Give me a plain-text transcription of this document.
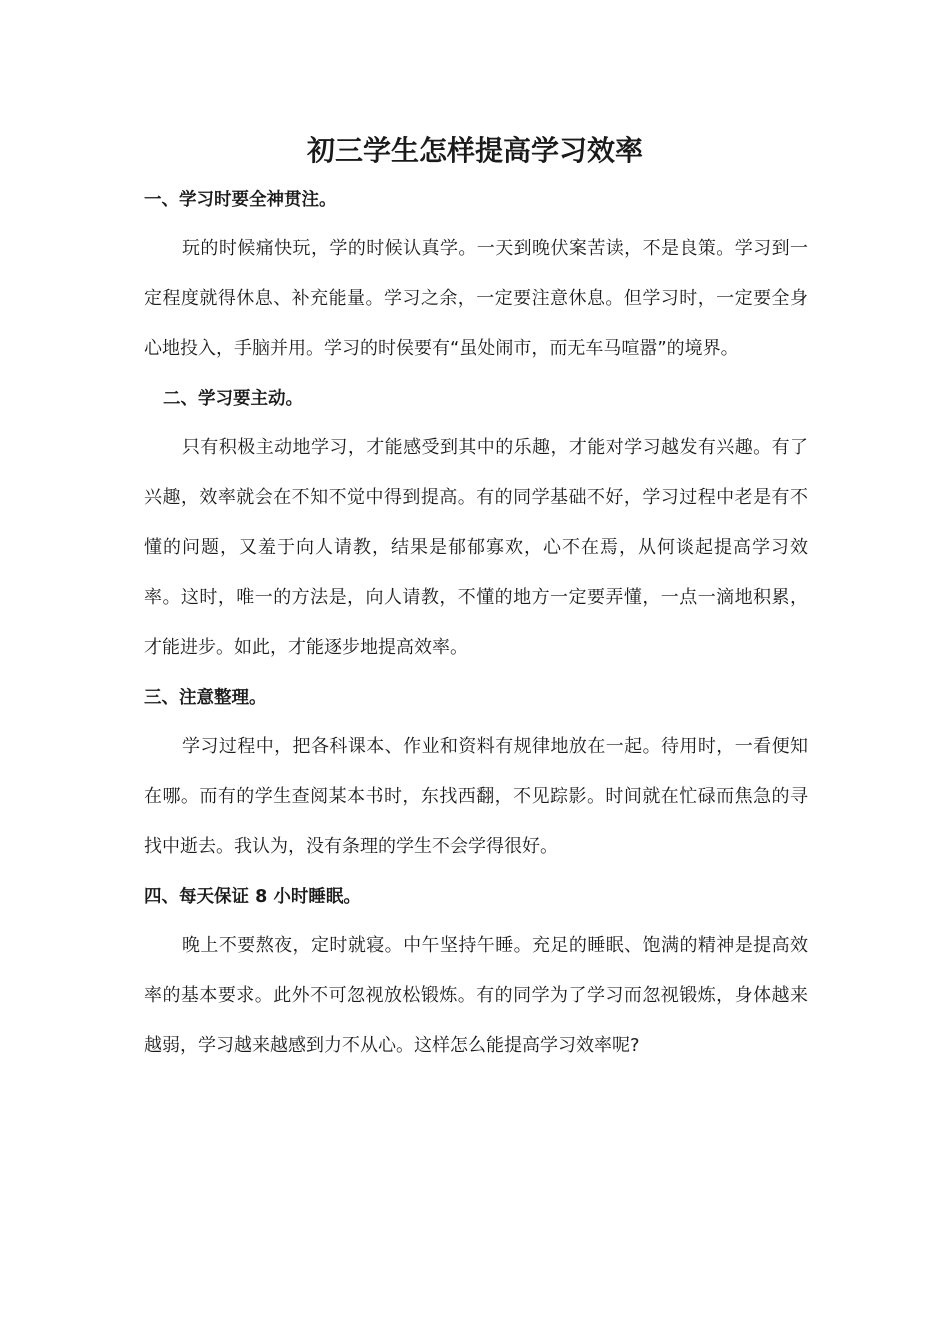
初三学生怎样提高学习效率
一、学习时要全神贯注。

玩的时候痛快玩，学的时候认真学。一天到晚伏案苦读，不是良策。学习到一定程度就得休息、补充能量。学习之余，一定要注意休息。但学习时，一定要全身心地投入，手脑并用。学习的时侯要有“虽处闹市，而无车马喧嚣”的境界。

二、学习要主动。

只有积极主动地学习，才能感受到其中的乐趣，才能对学习越发有兴趣。有了兴趣，效率就会在不知不觉中得到提高。有的同学基础不好，学习过程中老是有不懂的问题，又羞于向人请教，结果是郁郁寡欢，心不在焉，从何谈起提高学习效率。这时，唯一的方法是，向人请教，不懂的地方一定要弄懂，一点一滴地积累，才能进步。如此，才能逐步地提高效率。

三、注意整理。

学习过程中，把各科课本、作业和资料有规律地放在一起。待用时，一看便知在哪。而有的学生查阅某本书时，东找西翻，不见踪影。时间就在忙碌而焦急的寻找中逝去。我认为，没有条理的学生不会学得很好。

四、每天保证 8 小时睡眠。

晚上不要熬夜，定时就寝。中午坚持午睡。充足的睡眠、饱满的精神是提高效率的基本要求。此外不可忽视放松锻炼。有的同学为了学习而忽视锻炼，身体越来越弱，学习越来越感到力不从心。这样怎么能提高学习效率呢?
